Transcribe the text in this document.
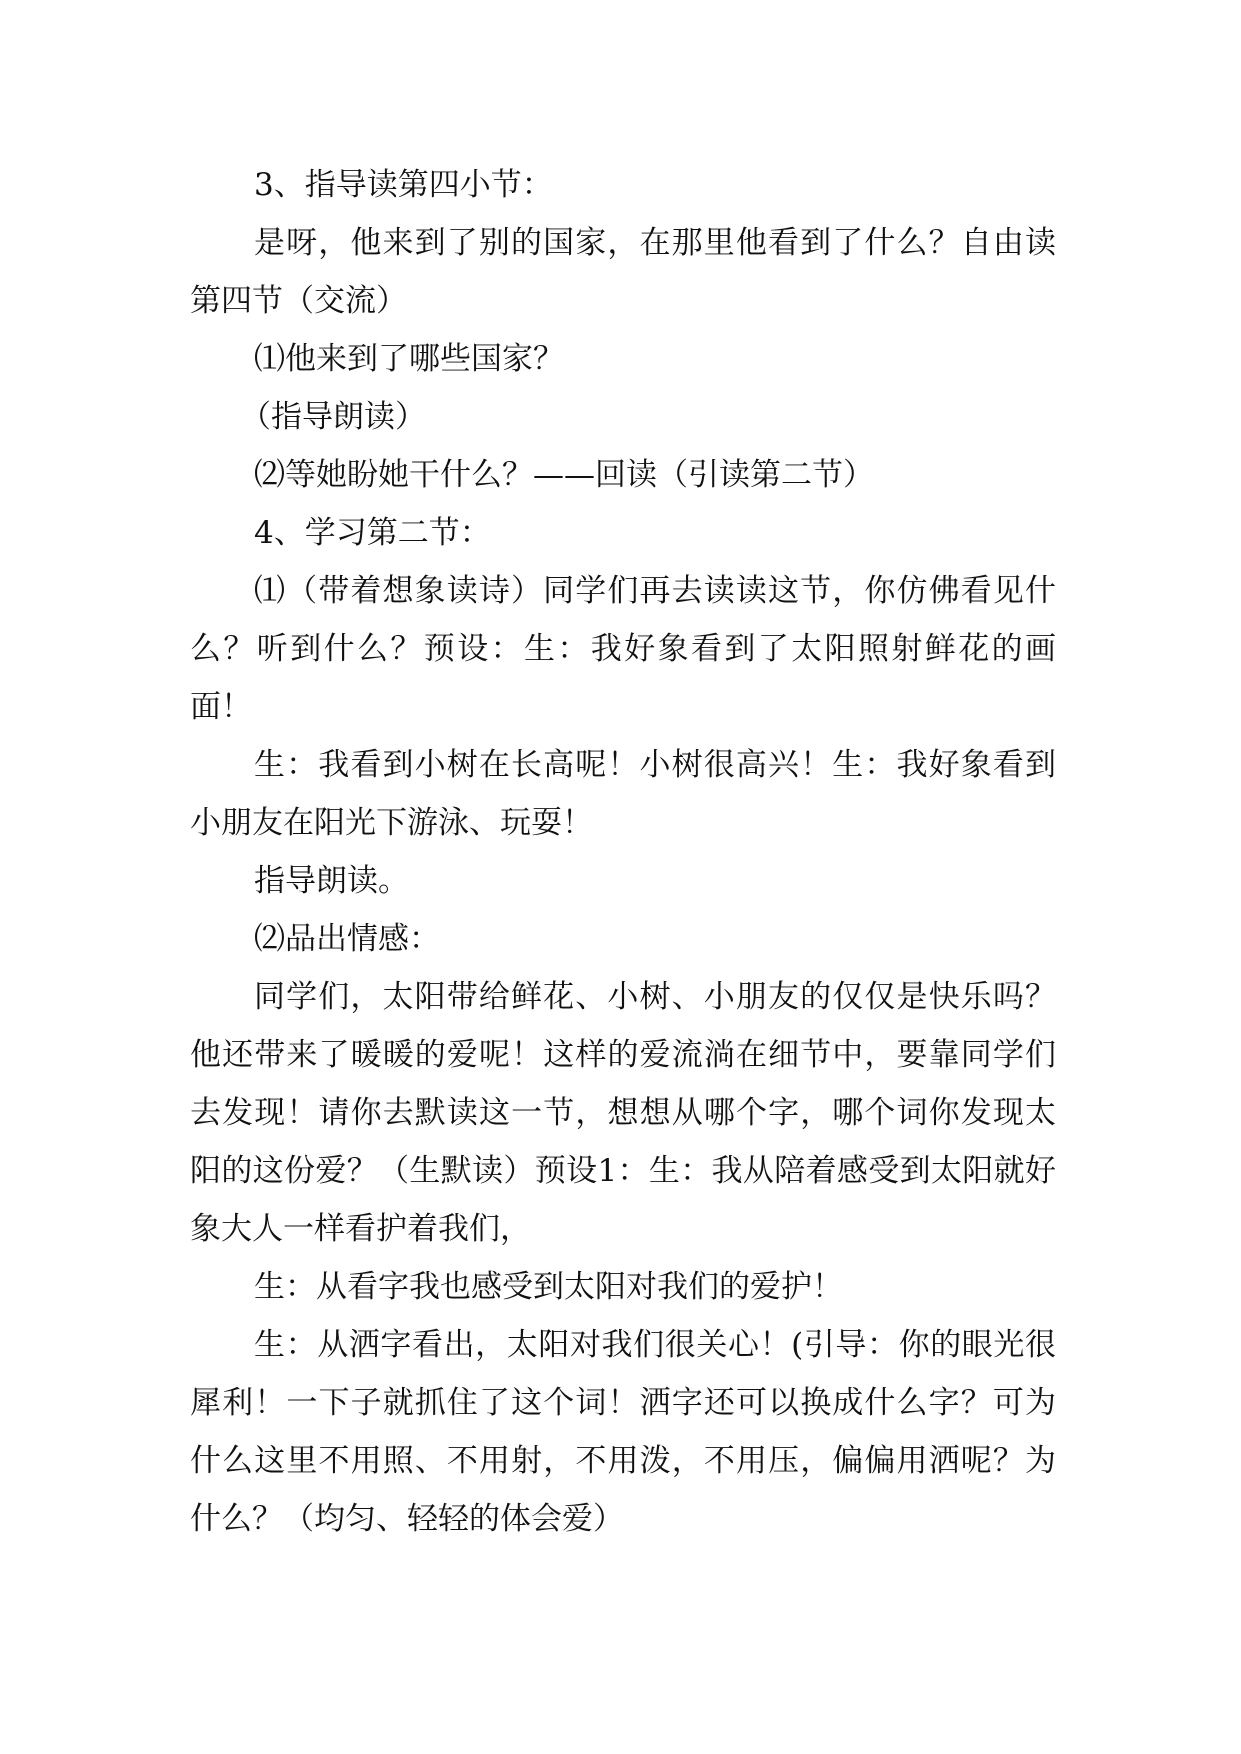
3、指导读第四小节：

是呀，他来到了别的国家，在那里他看到了什么？自由读第四节（交流）

⑴他来到了哪些国家？

（指导朗读）

⑵等她盼她干什么？——回读（引读第二节）

4、学习第二节：

⑴（带着想象读诗）同学们再去读读这节，你仿佛看见什么？听到什么？预设：生：我好象看到了太阳照射鲜花的画面！

生：我看到小树在长高呢！小树很高兴！生：我好象看到小朋友在阳光下游泳、玩耍！

指导朗读。

⑵品出情感：

同学们，太阳带给鲜花、小树、小朋友的仅仅是快乐吗？他还带来了暖暖的爱呢！这样的爱流淌在细节中，要靠同学们去发现！请你去默读这一节，想想从哪个字，哪个词你发现太阳的这份爱？（生默读）预设1：生：我从陪着感受到太阳就好象大人一样看护着我们，

生：从看字我也感受到太阳对我们的爱护！

生：从洒字看出，太阳对我们很关心！(引导：你的眼光很犀利！一下子就抓住了这个词！洒字还可以换成什么字？可为什么这里不用照、不用射，不用泼，不用压，偏偏用洒呢？为什么？（均匀、轻轻的体会爱）
